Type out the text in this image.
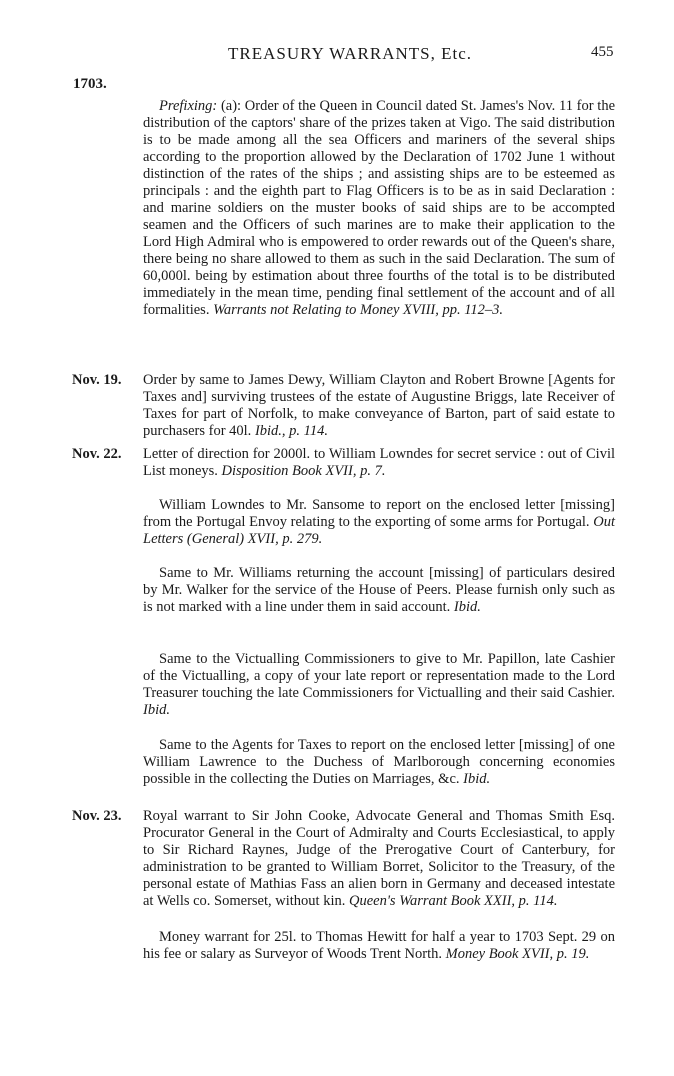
TREASURY WARRANTS, Etc.	455
1703.

Prefixing: (a): Order of the Queen in Council dated St. James's Nov. 11 for the distribution of the captors' share of the prizes taken at Vigo. The said distribution is to be made among all the sea Officers and mariners of the several ships according to the proportion allowed by the Declaration of 1702 June 1 without distinction of the rates of the ships ; and assisting ships are to be esteemed as principals : and the eighth part to Flag Officers is to be as in said Declaration : and marine soldiers on the muster books of said ships are to be accompted seamen and the Officers of such marines are to make their application to the Lord High Admiral who is empowered to order rewards out of the Queen's share, there being no share allowed to them as such in the said Declaration. The sum of 60,000l. being by estimation about three fourths of the total is to be distributed immediately in the mean time, pending final settlement of the account and of all formalities. Warrants not Relating to Money XVIII, pp. 112–3.

Nov. 19. Order by same to James Dewy, William Clayton and Robert Browne [Agents for Taxes and] surviving trustees of the estate of Augustine Briggs, late Receiver of Taxes for part of Norfolk, to make conveyance of Barton, part of said estate to purchasers for 40l. Ibid., p. 114.

Nov. 22. Letter of direction for 2000l. to William Lowndes for secret service : out of Civil List moneys. Disposition Book XVII, p. 7.

William Lowndes to Mr. Sansome to report on the enclosed letter [missing] from the Portugal Envoy relating to the exporting of some arms for Portugal. Out Letters (General) XVII, p. 279.

Same to Mr. Williams returning the account [missing] of particulars desired by Mr. Walker for the service of the House of Peers. Please furnish only such as is not marked with a line under them in said account. Ibid.

Same to the Victualling Commissioners to give to Mr. Papillon, late Cashier of the Victualling, a copy of your late report or representation made to the Lord Treasurer touching the late Commissioners for Victualling and their said Cashier. Ibid.

Same to the Agents for Taxes to report on the enclosed letter [missing] of one William Lawrence to the Duchess of Marlborough concerning economies possible in the collecting the Duties on Marriages, &c. Ibid.

Nov. 23. Royal warrant to Sir John Cooke, Advocate General and Thomas Smith Esq. Procurator General in the Court of Admiralty and Courts Ecclesiastical, to apply to Sir Richard Raynes, Judge of the Prerogative Court of Canterbury, for administration to be granted to William Borret, Solicitor to the Treasury, of the personal estate of Mathias Fass an alien born in Germany and deceased intestate at Wells co. Somerset, without kin. Queen's Warrant Book XXII, p. 114.

Money warrant for 25l. to Thomas Hewitt for half a year to 1703 Sept. 29 on his fee or salary as Surveyor of Woods Trent North. Money Book XVII, p. 19.
